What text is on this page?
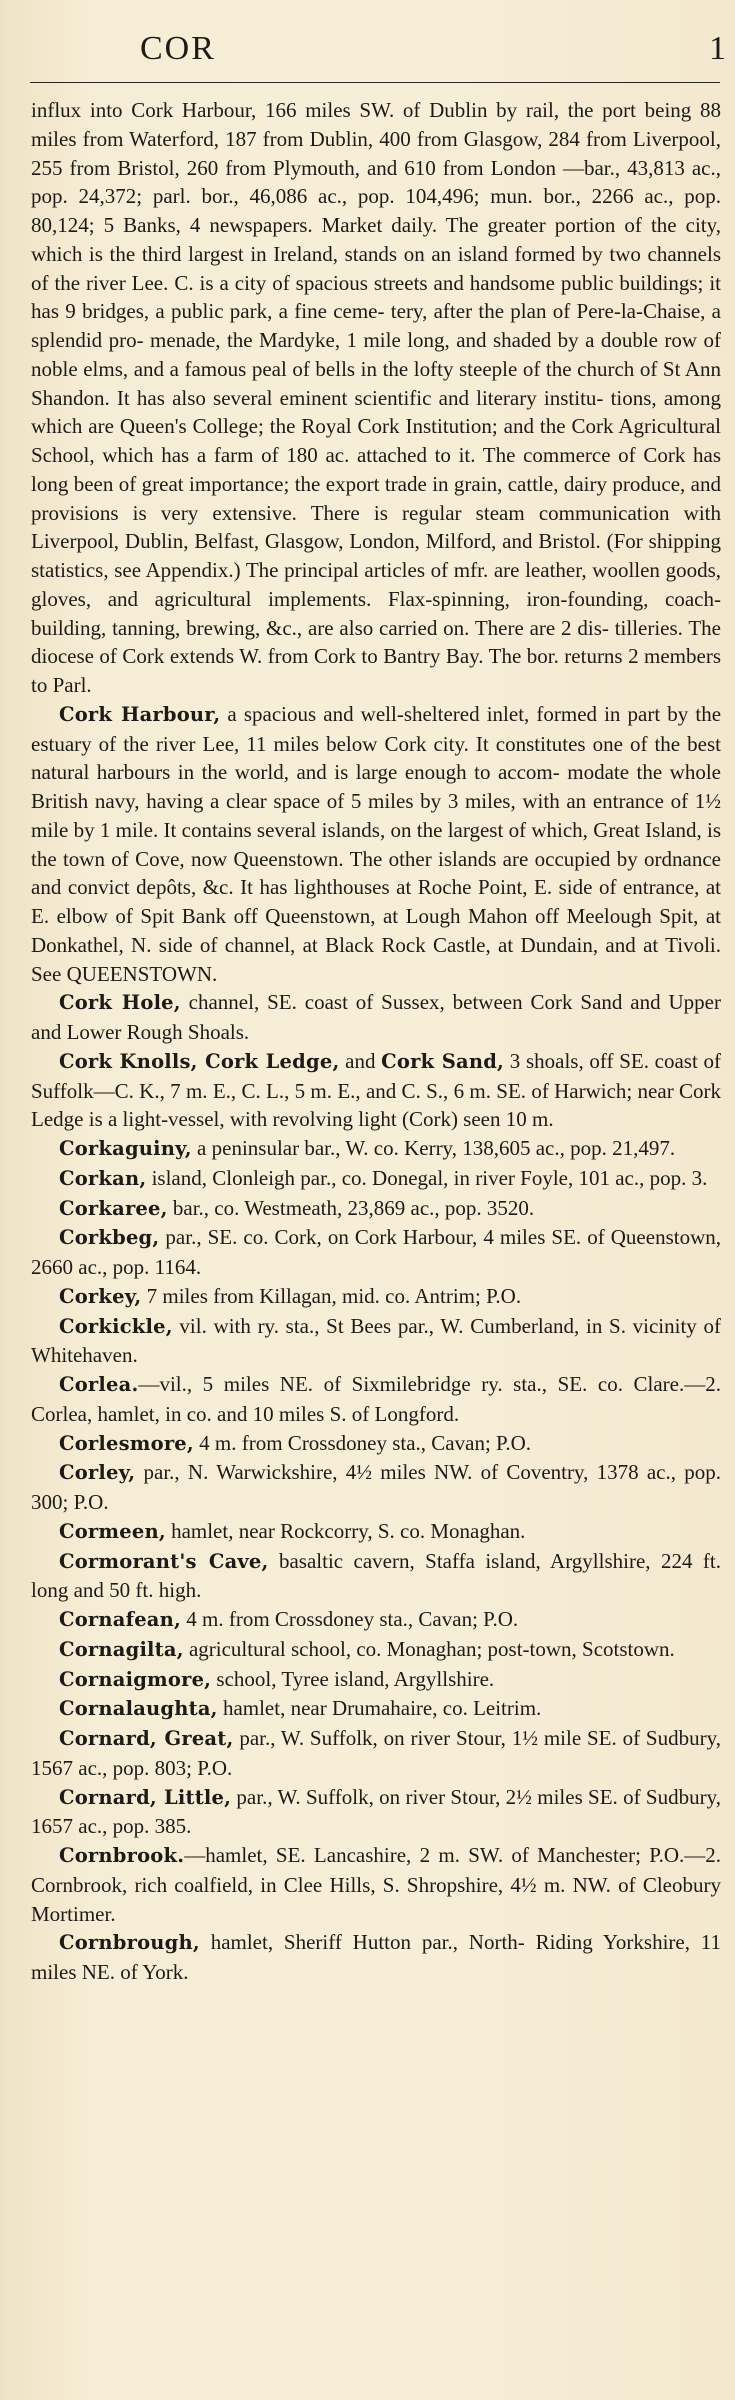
COR	1

influx into Cork Harbour, 166 miles SW. of Dublin by rail, the port being 88 miles from Waterford, 187 from Dublin, 400 from Glasgow, 284 from Liverpool, 255 from Bristol, 260 from Plymouth, and 610 from London —bar., 43,813 ac., pop. 24,372; parl. bor., 46,086 ac., pop. 104,496; mun. bor., 2266 ac., pop. 80,124; 5 Banks, 4 newspapers. Market daily. The greater portion of the city, which is the third largest in Ireland, stands on an island formed by two channels of the river Lee. C. is a city of spacious streets and handsome public buildings; it has 9 bridges, a public park, a fine ceme- tery, after the plan of Pere-la-Chaise, a splendid pro- menade, the Mardyke, 1 mile long, and shaded by a double row of noble elms, and a famous peal of bells in the lofty steeple of the church of St Ann Shandon. It has also several eminent scientific and literary institu- tions, among which are Queen's College; the Royal Cork Institution; and the Cork Agricultural School, which has a farm of 180 ac. attached to it. The commerce of Cork has long been of great importance; the export trade in grain, cattle, dairy produce, and provisions is very extensive. There is regular steam communication with Liverpool, Dublin, Belfast, Glasgow, London, Milford, and Bristol. (For shipping statistics, see Appendix.) The principal articles of mfr. are leather, woollen goods, gloves, and agricultural implements. Flax-spinning, iron-founding, coach-building, tanning, brewing, &c., are also carried on. There are 2 dis- tilleries. The diocese of Cork extends W. from Cork to Bantry Bay. The bor. returns 2 members to Parl.

Cork Harbour, a spacious and well-sheltered inlet, formed in part by the estuary of the river Lee, 11 miles below Cork city. It constitutes one of the best natural harbours in the world, and is large enough to accom- modate the whole British navy, having a clear space of 5 miles by 3 miles, with an entrance of 1½ mile by 1 mile. It contains several islands, on the largest of which, Great Island, is the town of Cove, now Queenstown. The other islands are occupied by ordnance and convict depôts, &c. It has lighthouses at Roche Point, E. side of entrance, at E. elbow of Spit Bank off Queenstown, at Lough Mahon off Meelough Spit, at Donkathel, N. side of channel, at Black Rock Castle, at Dundain, and at Tivoli. See QUEENSTOWN.

Cork Hole, channel, SE. coast of Sussex, between Cork Sand and Upper and Lower Rough Shoals.

Cork Knolls, Cork Ledge, and Cork Sand, 3 shoals, off SE. coast of Suffolk—C. K., 7 m. E., C. L., 5 m. E., and C. S., 6 m. SE. of Harwich; near Cork Ledge is a light-vessel, with revolving light (Cork) seen 10 m.

Corkaguiny, a peninsular bar., W. co. Kerry, 138,605 ac., pop. 21,497.

Corkan, island, Clonleigh par., co. Donegal, in river Foyle, 101 ac., pop. 3.

Corkaree, bar., co. Westmeath, 23,869 ac., pop. 3520.

Corkbeg, par., SE. co. Cork, on Cork Harbour, 4 miles SE. of Queenstown, 2660 ac., pop. 1164.

Corkey, 7 miles from Killagan, mid. co. Antrim; P.O.

Corkickle, vil. with ry. sta., St Bees par., W. Cumberland, in S. vicinity of Whitehaven.

Corlea.—vil., 5 miles NE. of Sixmilebridge ry. sta., SE. co. Clare.—2. Corlea, hamlet, in co. and 10 miles S. of Longford.

Corlesmore, 4 m. from Crossdoney sta., Cavan; P.O.

Corley, par., N. Warwickshire, 4½ miles NW. of Coventry, 1378 ac., pop. 300; P.O.

Cormeen, hamlet, near Rockcorry, S. co. Monaghan.

Cormorant's Cave, basaltic cavern, Staffa island, Argyllshire, 224 ft. long and 50 ft. high.

Cornafean, 4 m. from Crossdoney sta., Cavan; P.O.

Cornagilta, agricultural school, co. Monaghan; post-town, Scotstown.

Cornaigmore, school, Tyree island, Argyllshire.

Cornalaughta, hamlet, near Drumahaire, co. Leitrim.

Cornard, Great, par., W. Suffolk, on river Stour, 1½ mile SE. of Sudbury, 1567 ac., pop. 803; P.O.

Cornard, Little, par., W. Suffolk, on river Stour, 2½ miles SE. of Sudbury, 1657 ac., pop. 385.

Cornbrook.—hamlet, SE. Lancashire, 2 m. SW. of Manchester; P.O.—2. Cornbrook, rich coalfield, in Clee Hills, S. Shropshire, 4½ m. NW. of Cleobury Mortimer.

Cornbrough, hamlet, Sheriff Hutton par., North- Riding Yorkshire, 11 miles NE. of York.
